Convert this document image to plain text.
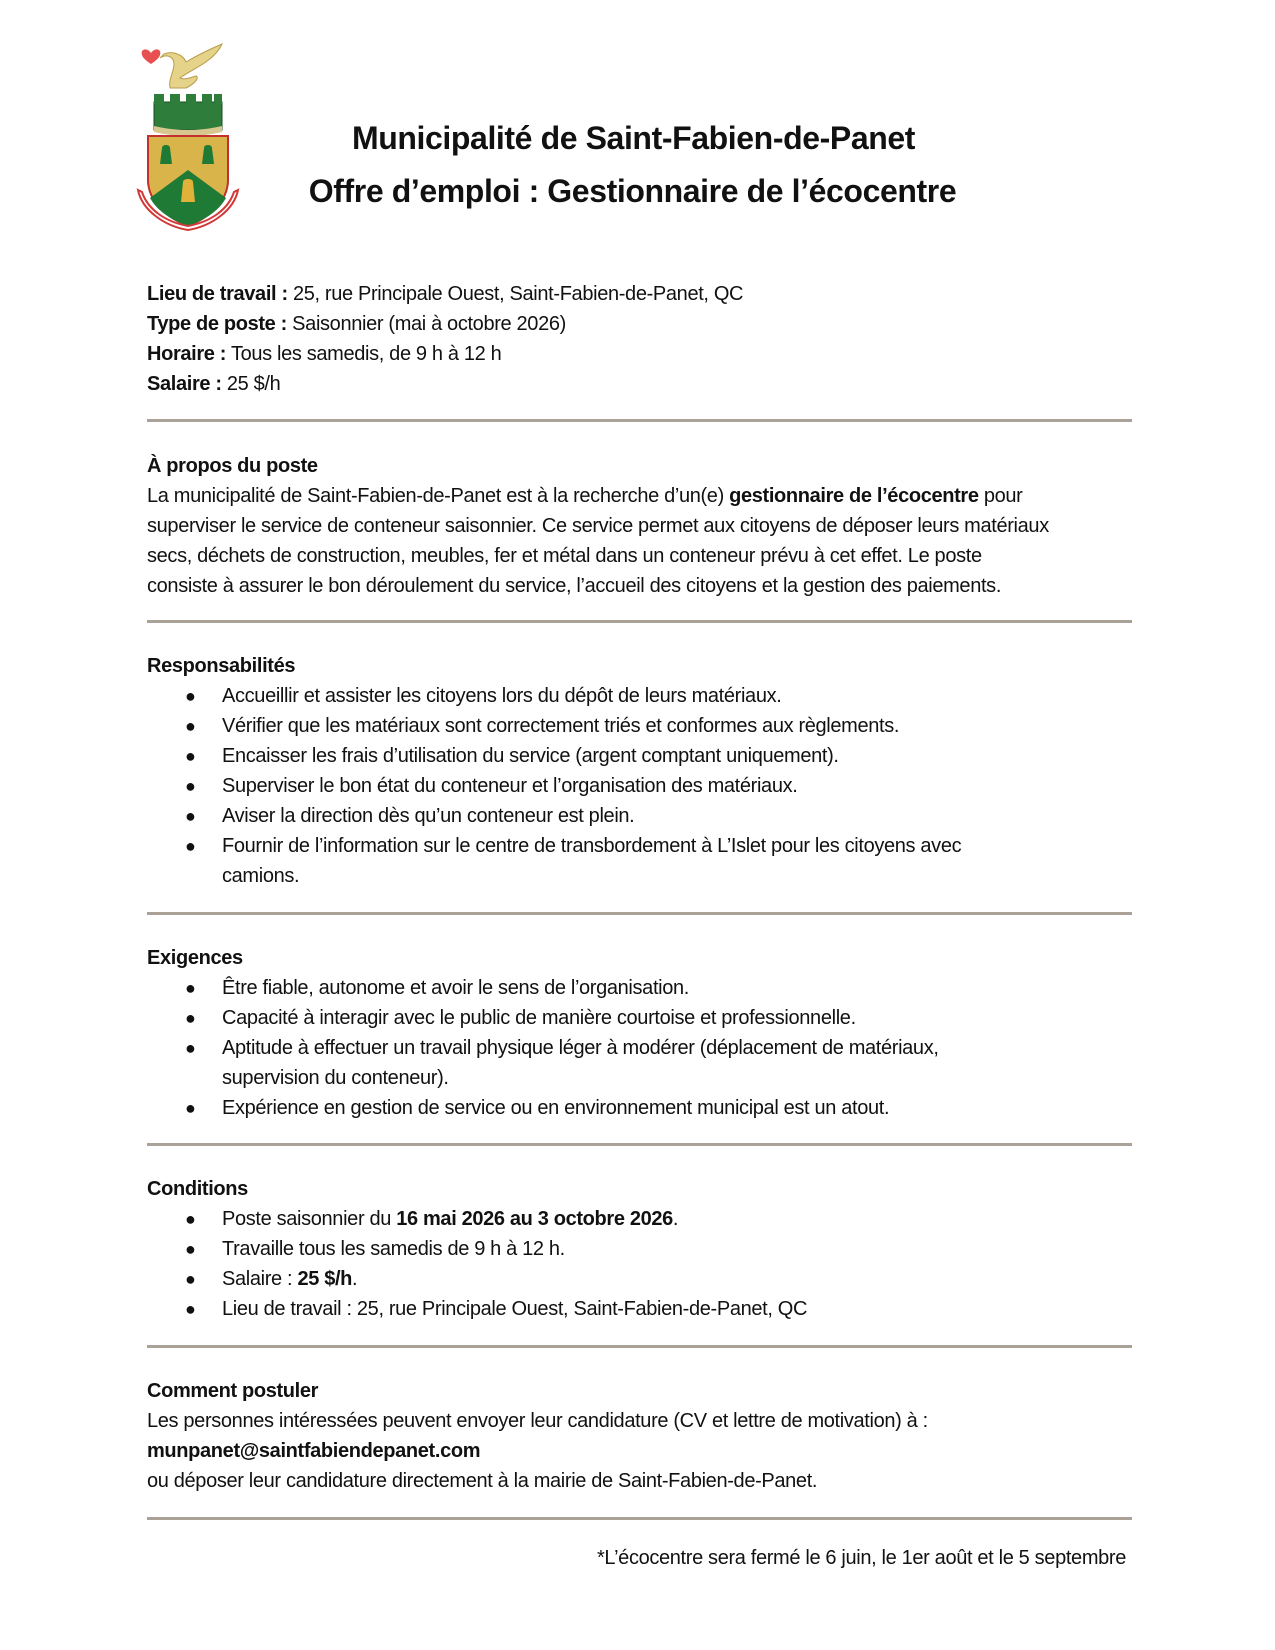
Municipalité de Saint-Fabien-de-Panet
Offre d’emploi : Gestionnaire de l’écocentre
Lieu de travail : 25, rue Principale Ouest, Saint-Fabien-de-Panet, QC
Type de poste : Saisonnier (mai à octobre 2026)
Horaire : Tous les samedis, de 9 h à 12 h
Salaire : 25 $/h
À propos du poste
La municipalité de Saint-Fabien-de-Panet est à la recherche d’un(e) gestionnaire de l’écocentre pour
superviser le service de conteneur saisonnier. Ce service permet aux citoyens de déposer leurs matériaux
secs, déchets de construction, meubles, fer et métal dans un conteneur prévu à cet effet. Le poste
consiste à assurer le bon déroulement du service, l’accueil des citoyens et la gestion des paiements.
Responsabilités
● Accueillir et assister les citoyens lors du dépôt de leurs matériaux.
● Vérifier que les matériaux sont correctement triés et conformes aux règlements.
● Encaisser les frais d’utilisation du service (argent comptant uniquement).
● Superviser le bon état du conteneur et l’organisation des matériaux.
● Aviser la direction dès qu’un conteneur est plein.
● Fournir de l’information sur le centre de transbordement à L’Islet pour les citoyens avec camions.
Exigences
● Être fiable, autonome et avoir le sens de l’organisation.
● Capacité à interagir avec le public de manière courtoise et professionnelle.
● Aptitude à effectuer un travail physique léger à modérer (déplacement de matériaux, supervision du conteneur).
● Expérience en gestion de service ou en environnement municipal est un atout.
Conditions
● Poste saisonnier du 16 mai 2026 au 3 octobre 2026.
● Travaille tous les samedis de 9 h à 12 h.
● Salaire : 25 $/h.
● Lieu de travail : 25, rue Principale Ouest, Saint-Fabien-de-Panet, QC
Comment postuler
Les personnes intéressées peuvent envoyer leur candidature (CV et lettre de motivation) à :
munpanet@saintfabiendepanet.com
ou déposer leur candidature directement à la mairie de Saint-Fabien-de-Panet.
*L’écocentre sera fermé le 6 juin, le 1er août et le 5 septembre
